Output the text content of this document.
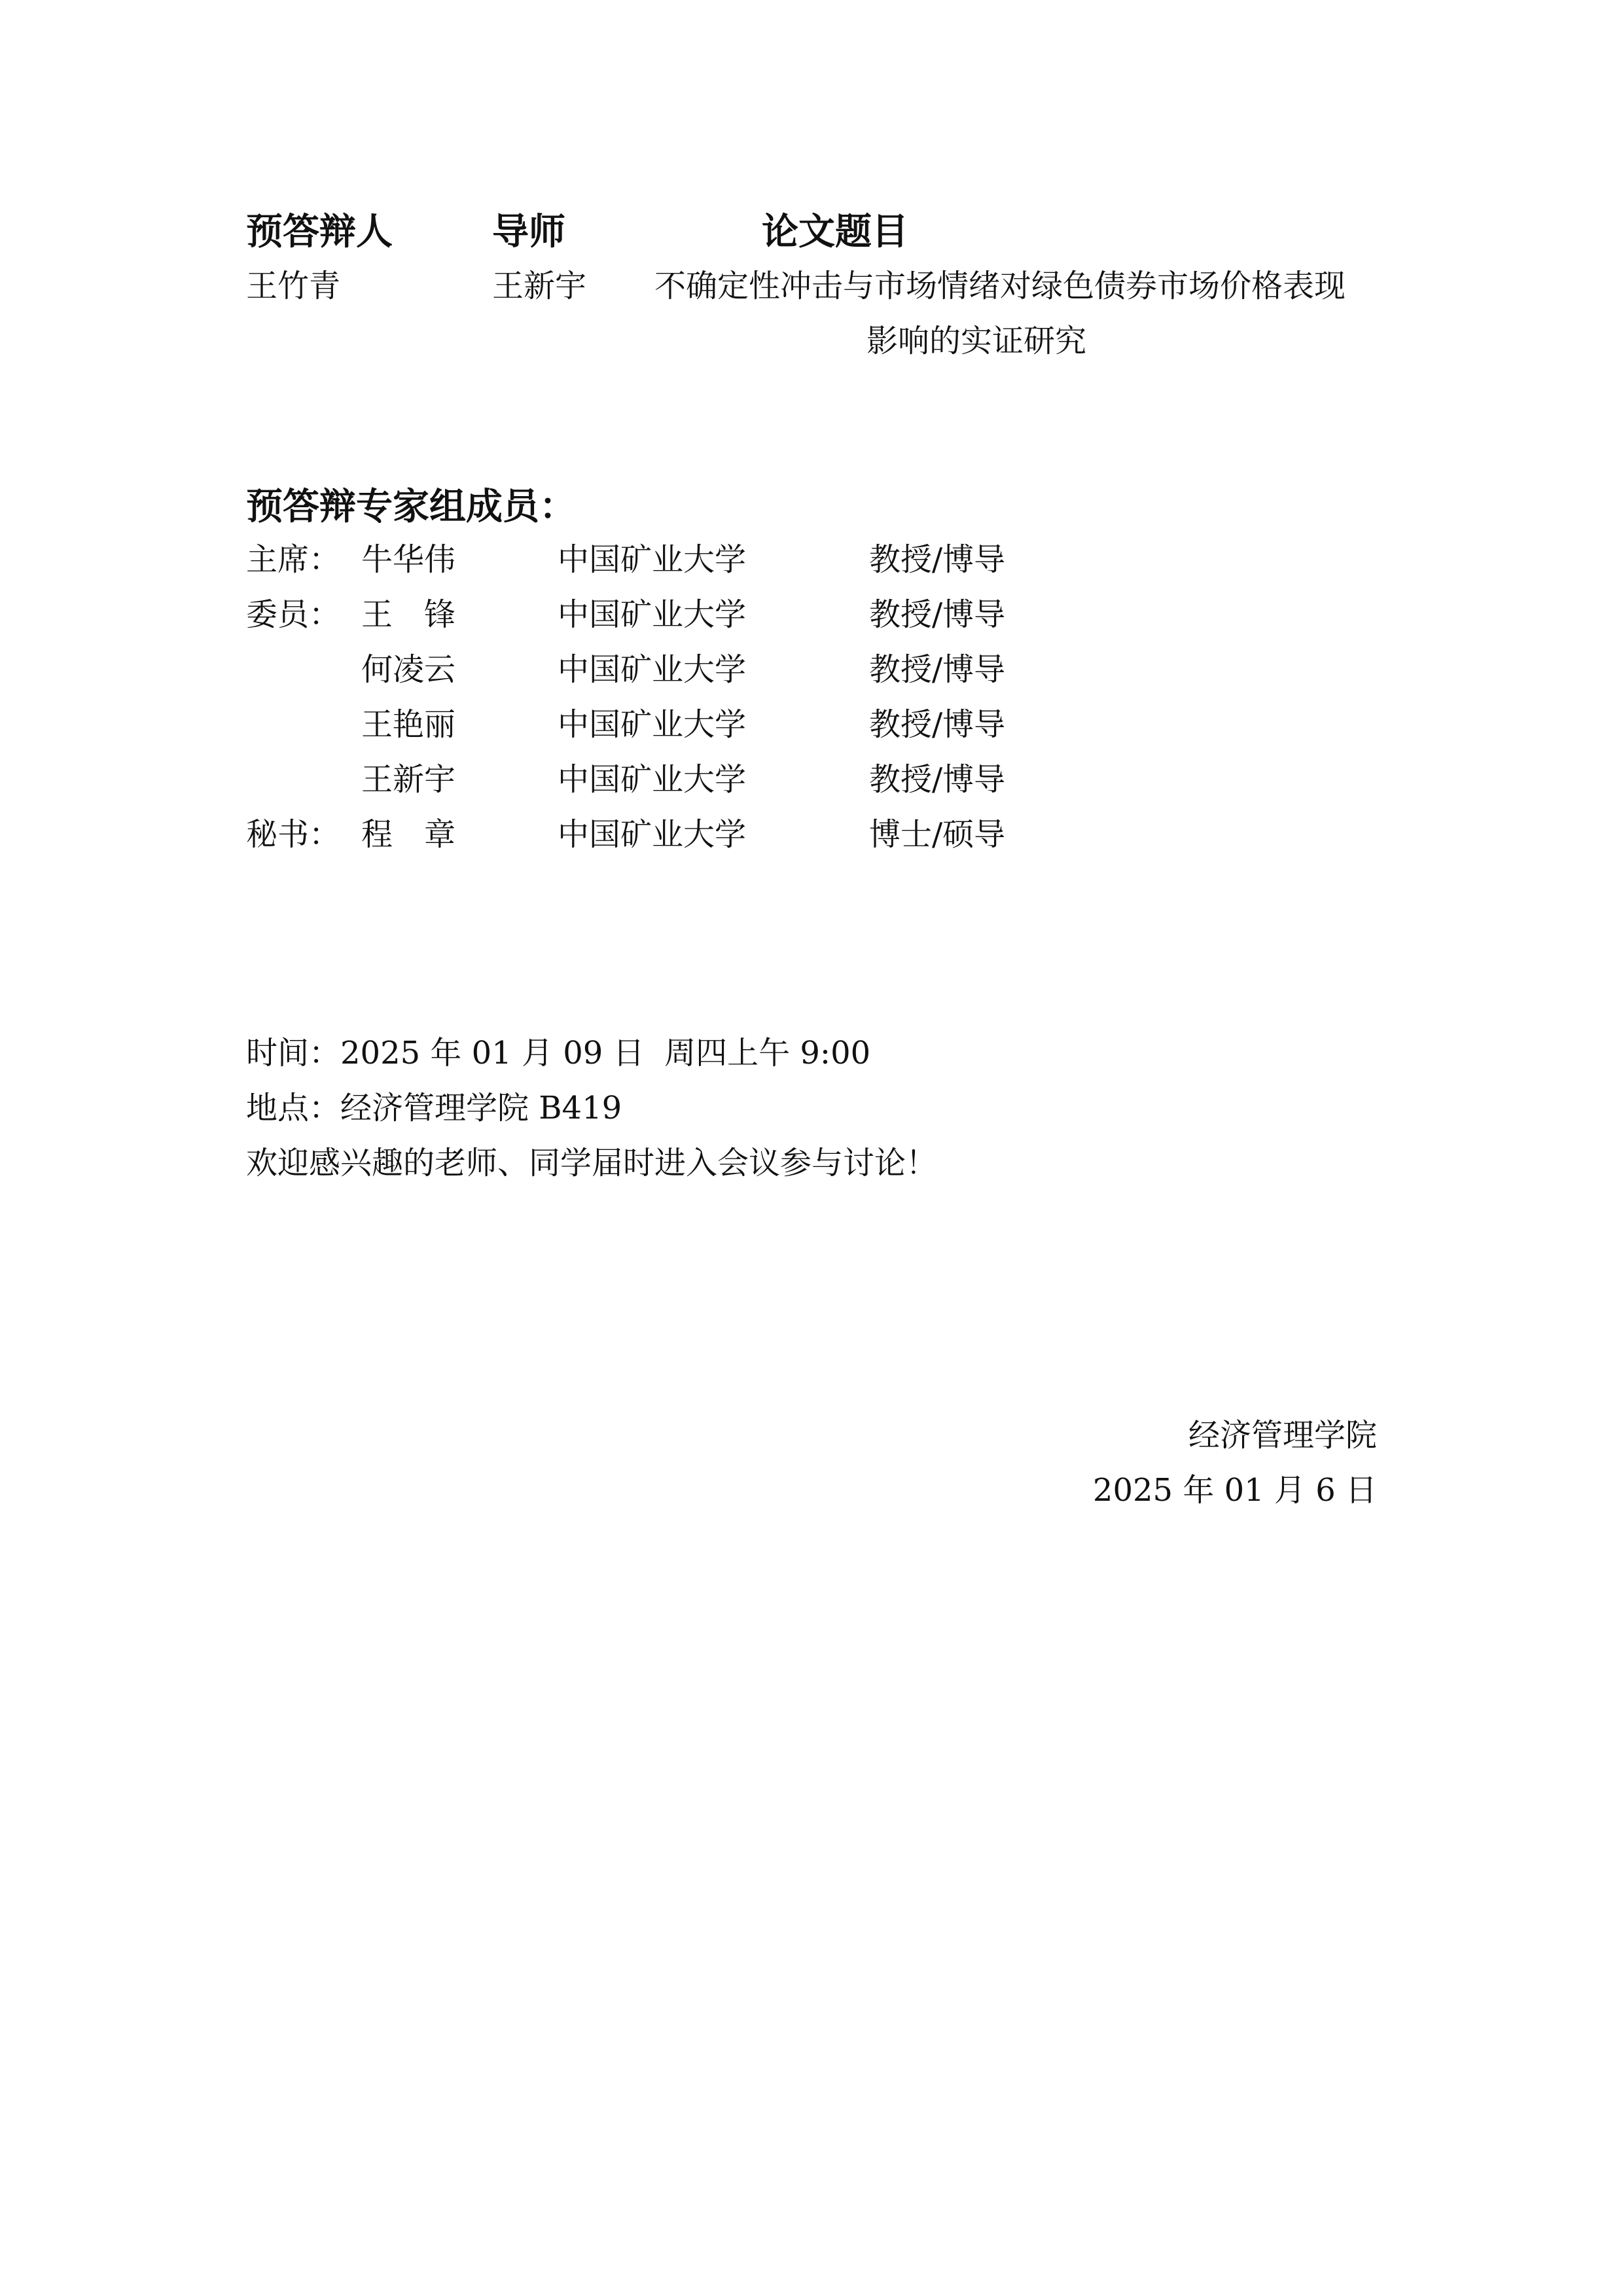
预答辩人	导师	论文题目
王竹青	王新宇 不确定性冲击与市场情绪对绿色债券市场价格表现
影响的实证研究
预答辩专家组成员：
主席： 牛华伟	中国矿业大学	教授/博导
委员： 王　锋	中国矿业大学	教授/博导
何凌云	中国矿业大学	教授/博导
王艳丽	中国矿业大学	教授/博导
王新宇	中国矿业大学	教授/博导
秘书： 程　章	中国矿业大学	博士/硕导
时间：2025 年 01 月 09 日  周四上午 9:00
地点：经济管理学院 B419
欢迎感兴趣的老师、同学届时进入会议参与讨论！
经济管理学院
2025 年 01 月 6 日
